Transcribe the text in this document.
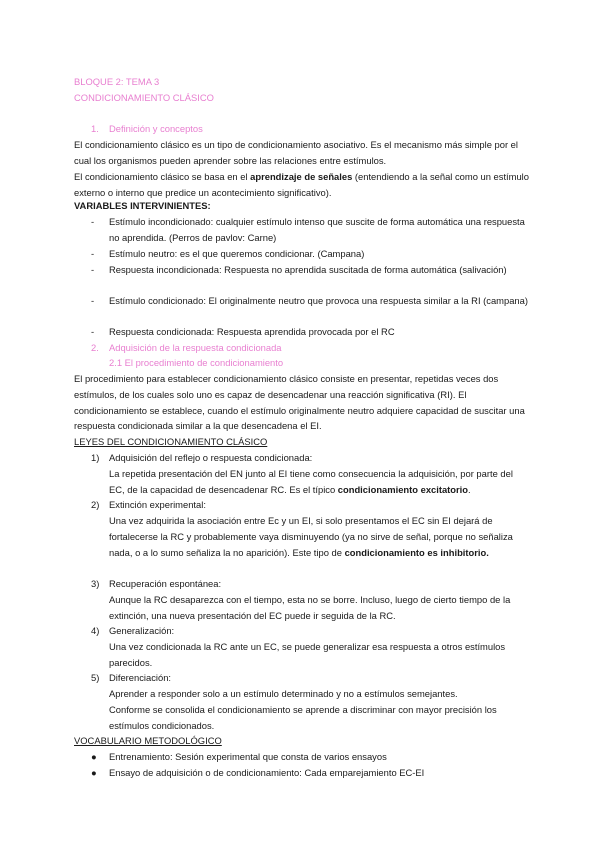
BLOQUE 2: TEMA 3
CONDICIONAMIENTO CLÁSICO
1. Definición y conceptos
El condicionamiento clásico es un tipo de condicionamiento asociativo. Es el mecanismo más simple por el cual los organismos pueden aprender sobre las relaciones entre estímulos.
El condicionamiento clásico se basa en el aprendizaje de señales (entendiendo a la señal como un estímulo externo o interno que predice un acontecimiento significativo).
VARIABLES INTERVINIENTES:
- Estímulo incondicionado: cualquier estímulo intenso que suscite de forma automática una respuesta no aprendida. (Perros de pavlov: Carne)
- Estímulo neutro: es el que queremos condicionar. (Campana)
- Respuesta incondicionada: Respuesta no aprendida suscitada de forma automática (salivación)
- Estímulo condicionado: El originalmente neutro que provoca una respuesta similar a la RI (campana)
- Respuesta condicionada: Respuesta aprendida provocada por el RC
2. Adquisición de la respuesta condicionada
2.1 El procedimiento de condicionamiento
El procedimiento para establecer condicionamiento clásico consiste en presentar, repetidas veces dos estímulos, de los cuales solo uno es capaz de desencadenar una reacción significativa (RI). El condicionamiento se establece, cuando el estímulo originalmente neutro adquiere capacidad de suscitar una respuesta condicionada similar a la que desencadena el EI.
LEYES DEL CONDICIONAMIENTO CLÁSICO
1) Adquisición del reflejo o respuesta condicionada:
La repetida presentación del EN junto al EI tiene como consecuencia la adquisición, por parte del EC, de la capacidad de desencadenar RC. Es el típico condicionamiento excitatorio.
2) Extinción experimental:
Una vez adquirida la asociación entre Ec y un EI, si solo presentamos el EC sin EI dejará de fortalecerse la RC y probablemente vaya disminuyendo (ya no sirve de señal, porque no señaliza nada, o a lo sumo señaliza la no aparición). Este tipo de condicionamiento es inhibitorio.
3) Recuperación espontánea:
Aunque la RC desaparezca con el tiempo, esta no se borre. Incluso, luego de cierto tiempo de la extinción, una nueva presentación del EC puede ir seguida de la RC.
4) Generalización:
Una vez condicionada la RC ante un EC, se puede generalizar esa respuesta a otros estímulos parecidos.
5) Diferenciación:
Aprender a responder solo a un estímulo determinado y no a estímulos semejantes.
Conforme se consolida el condicionamiento se aprende a discriminar con mayor precisión los estímulos condicionados.
VOCABULARIO METODOLÓGICO
● Entrenamiento: Sesión experimental que consta de varios ensayos
● Ensayo de adquisición o de condicionamiento: Cada emparejamiento EC-EI
